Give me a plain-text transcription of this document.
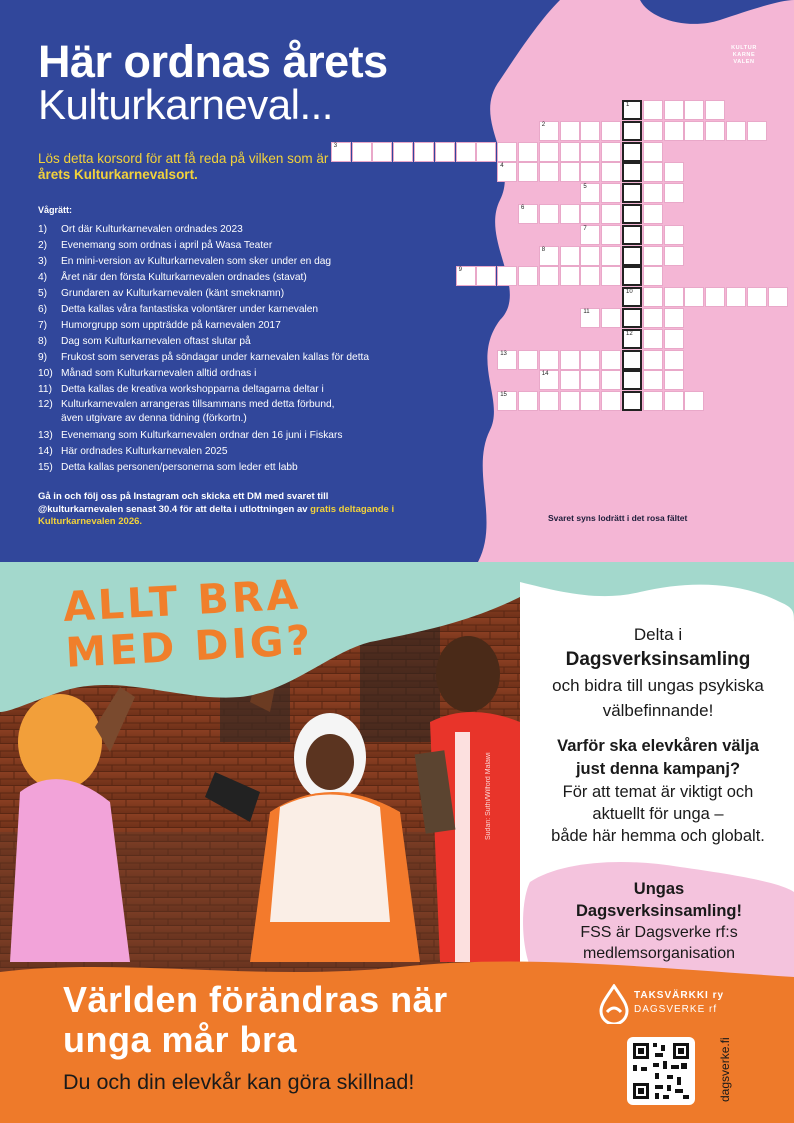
Här ordnas årets
Kulturkarneval...
Lös detta korsord för att få reda på vilken som är årets Kulturkarnevalsort.
KULTUR
KARNE
VALEN
Vågrätt:
1)	Ort där Kulturkarnevalen ordnades 2023
2)	Evenemang som ordnas i april på Wasa Teater
3)	En mini-version av Kulturkarnevalen som sker under en dag
4)	Året när den första Kulturkarnevalen ordnades (stavat)
5)	Grundaren av Kulturkarnevalen (känt smeknamn)
6)	Detta kallas våra fantastiska volontärer under karnevalen
7)	Humorgrupp som uppträdde på karnevalen 2017
8)	Dag som Kulturkarnevalen oftast slutar på
9)	Frukost som serveras på söndagar under karnevalen kallas för detta
10) Månad som Kulturkarnevalen alltid ordnas i
11) Detta kallas de kreativa workshopparna deltagarna deltar i
12) Kulturkarnevalen arrangeras tillsammans med detta förbund,
även utgivare av denna tidning (förkortn.)
13) Evenemang som Kulturkarnevalen ordnar den 16 juni i Fiskars
14) Här ordnades Kulturkarnevalen 2025
15) Detta kallas personen/personerna som leder ett labb
Gå in och följ oss på Instagram och skicka ett DM med svaret till @kulturkarnevalen senast 30.4 för att delta i utlottningen av gratis deltagande i Kulturkarnevalen 2026.
1
2
3
4
5
6
7
8
9
10
11
12
13
14
15
Svaret syns lodrätt i det rosa fältet
ALLT BRA
MED DIG?
Sudan: Suthi/Wilford Malawi
Delta i
Dagsverksinsamling
och bidra till ungas psykiska
välbefinnande!
Varför ska elevkåren välja
just denna kampanj?
För att temat är viktigt och
aktuellt för unga –
både här hemma och globalt.
Ungas
Dagsverksinsamling!
FSS är Dagsverke rf:s
medlemsorganisation
Världen förändras när
unga mår bra
Du och din elevkår kan göra skillnad!
TAKSVÄRKKI ry
DAGSVERKE rf
dagsverke.fi
